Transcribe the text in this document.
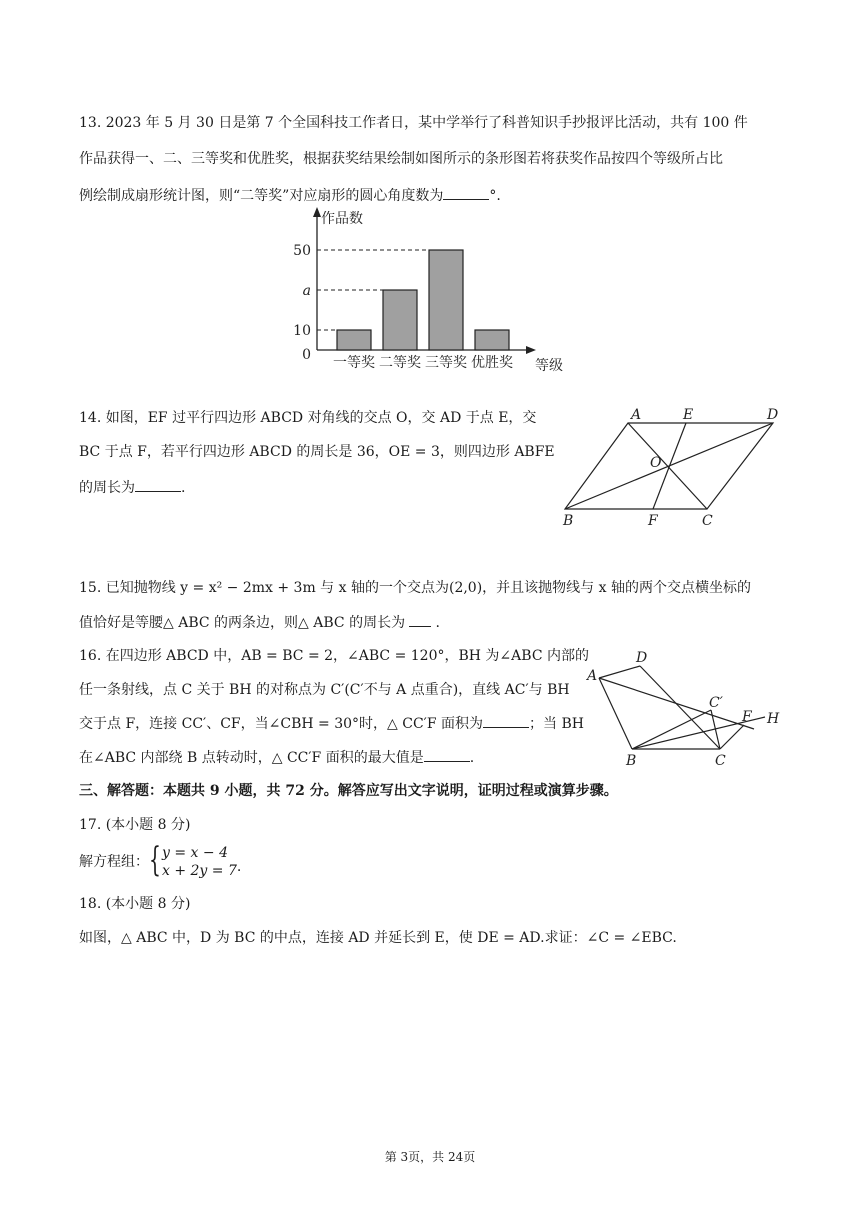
13. 2023 年 5 月 30 日是第 7 个全国科技工作者日，某中学举行了科普知识手抄报评比活动，共有 100 件
作品获得一、二、三等奖和优胜奖，根据获奖结果绘制如图所示的条形图若将获奖作品按四个等级所占比
例绘制成扇形统计图，则“二等奖”对应扇形的圆心角度数为	°.
作品数
等级
0
10
a
50
一等奖 二等奖 三等奖 优胜奖
14. 如图，EF 过平行四边形 ABCD 对角线的交点 O，交 AD 于点 E，交
BC 于点 F，若平行四边形 ABCD 的周长是 36，OE = 3，则四边形 ABFE
的周长为	.
A	E	D
O
B	F	C
15. 已知抛物线 y = x² − 2mx + 3m 与 x 轴的一个交点为(2,0)，并且该抛物线与 x 轴的两个交点横坐标的
值恰好是等腰△ ABC 的两条边，则△ ABC 的周长为 .
16. 在四边形 ABCD 中，AB = BC = 2，∠ABC = 120°，BH 为∠ABC 内部的
任一条射线，点 C 关于 BH 的对称点为 C′(C′不与 A 点重合)，直线 AC′与 BH
交于点 F，连接 CC′、CF，当∠CBH = 30°时，△ CC′F 面积为	；当 BH
在∠ABC 内部绕 B 点转动时，△ CC′F 面积的最大值是	.
A
D
C′
F H
B	C
三、解答题：本题共 9 小题，共 72 分。解答应写出文字说明，证明过程或演算步骤。
17. (本小题 8 分)
解方程组： { y = x − 4
x + 2y = 7.
18. (本小题 8 分)
如图，△ ABC 中，D 为 BC 的中点，连接 AD 并延长到 E，使 DE = AD.求证：∠C = ∠EBC.
第 3页，共 24页
